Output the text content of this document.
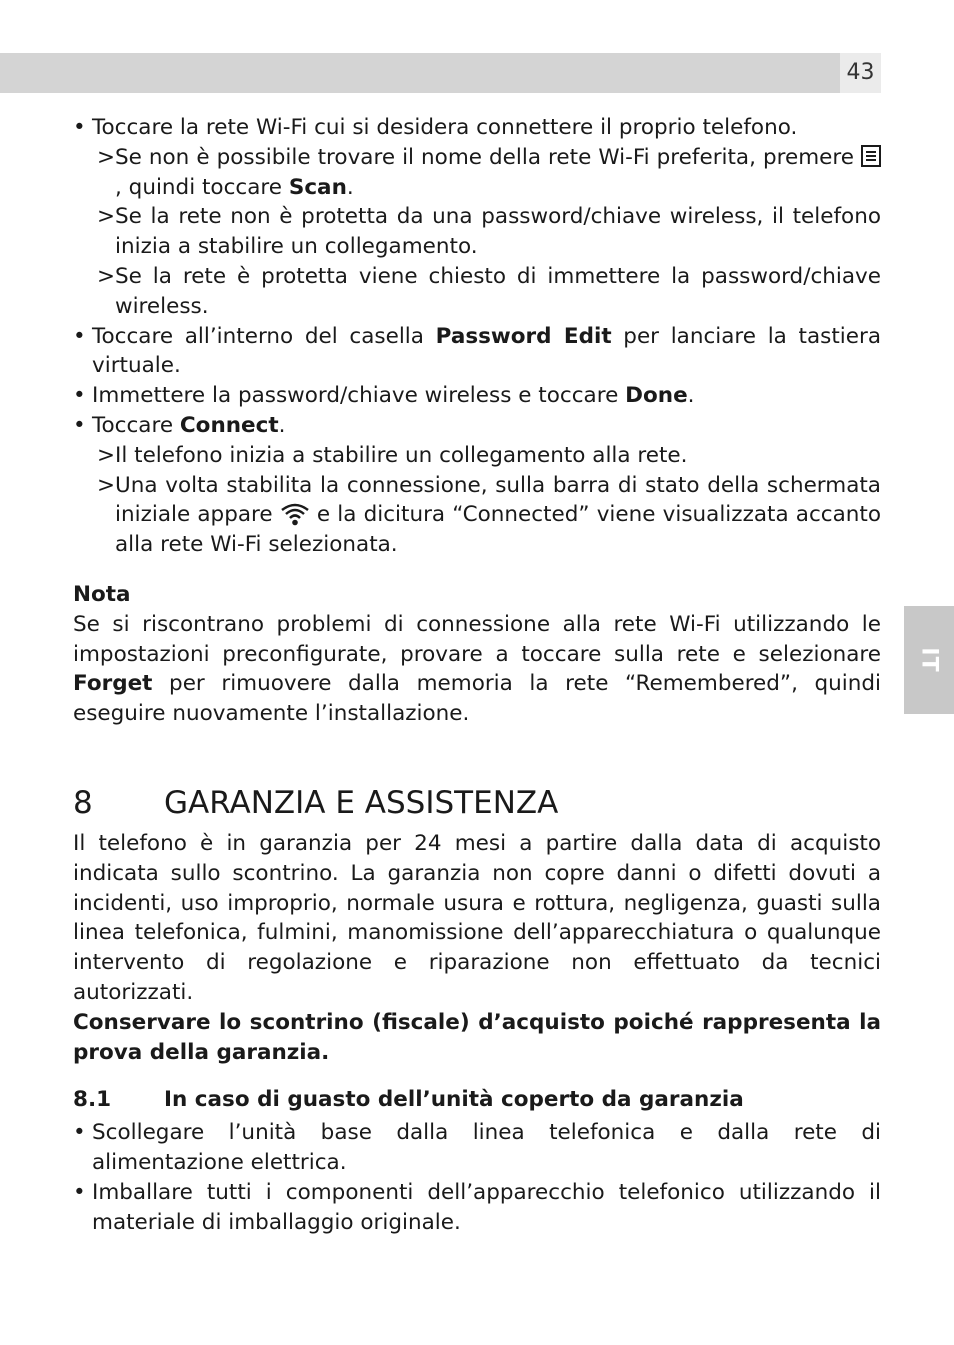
43
IT

• Toccare la rete Wi-Fi cui si desidera connettere il proprio telefono.

> Se non è possibile trovare il nome della rete Wi-Fi preferita, premere , quindi toccare Scan.

> Se la rete non è protetta da una password/chiave wireless, il telefono inizia a stabilire un collegamento.

> Se la rete è protetta viene chiesto di immettere la password/chiave wireless.

• Toccare all’interno del casella Password Edit per lanciare la tastiera virtuale.

• Immettere la password/chiave wireless e toccare Done.

• Toccare Connect.

> Il telefono inizia a stabilire un collegamento alla rete.

> Una volta stabilita la connessione, sulla barra di stato della schermata iniziale appare  e la dicitura “Connected” viene visualizzata accanto alla rete Wi-Fi selezionata.

Nota

Se si riscontrano problemi di connessione alla rete Wi-Fi utilizzando le impostazioni preconfigurate, provare a toccare sulla rete e selezionare Forget per rimuovere dalla memoria la rete “Remembered”, quindi eseguire nuovamente l’installazione.

8 GARANZIA E ASSISTENZA

Il telefono è in garanzia per 24 mesi a partire dalla data di acquisto indicata sullo scontrino. La garanzia non copre danni o difetti dovuti a incidenti, uso improprio, normale usura e rottura, negligenza, guasti sulla linea telefonica, fulmini, manomissione dell’apparecchiatura o qualunque intervento di regolazione e riparazione non effettuato da tecnici autorizzati.

Conservare lo scontrino (fiscale) d’acquisto poiché rappresenta la prova della garanzia.

8.1 In caso di guasto dell’unità coperto da garanzia

• Scollegare l’unità base dalla linea telefonica e dalla rete di alimentazione elettrica.

• Imballare tutti i componenti dell’apparecchio telefonico utilizzando il materiale di imballaggio originale.
